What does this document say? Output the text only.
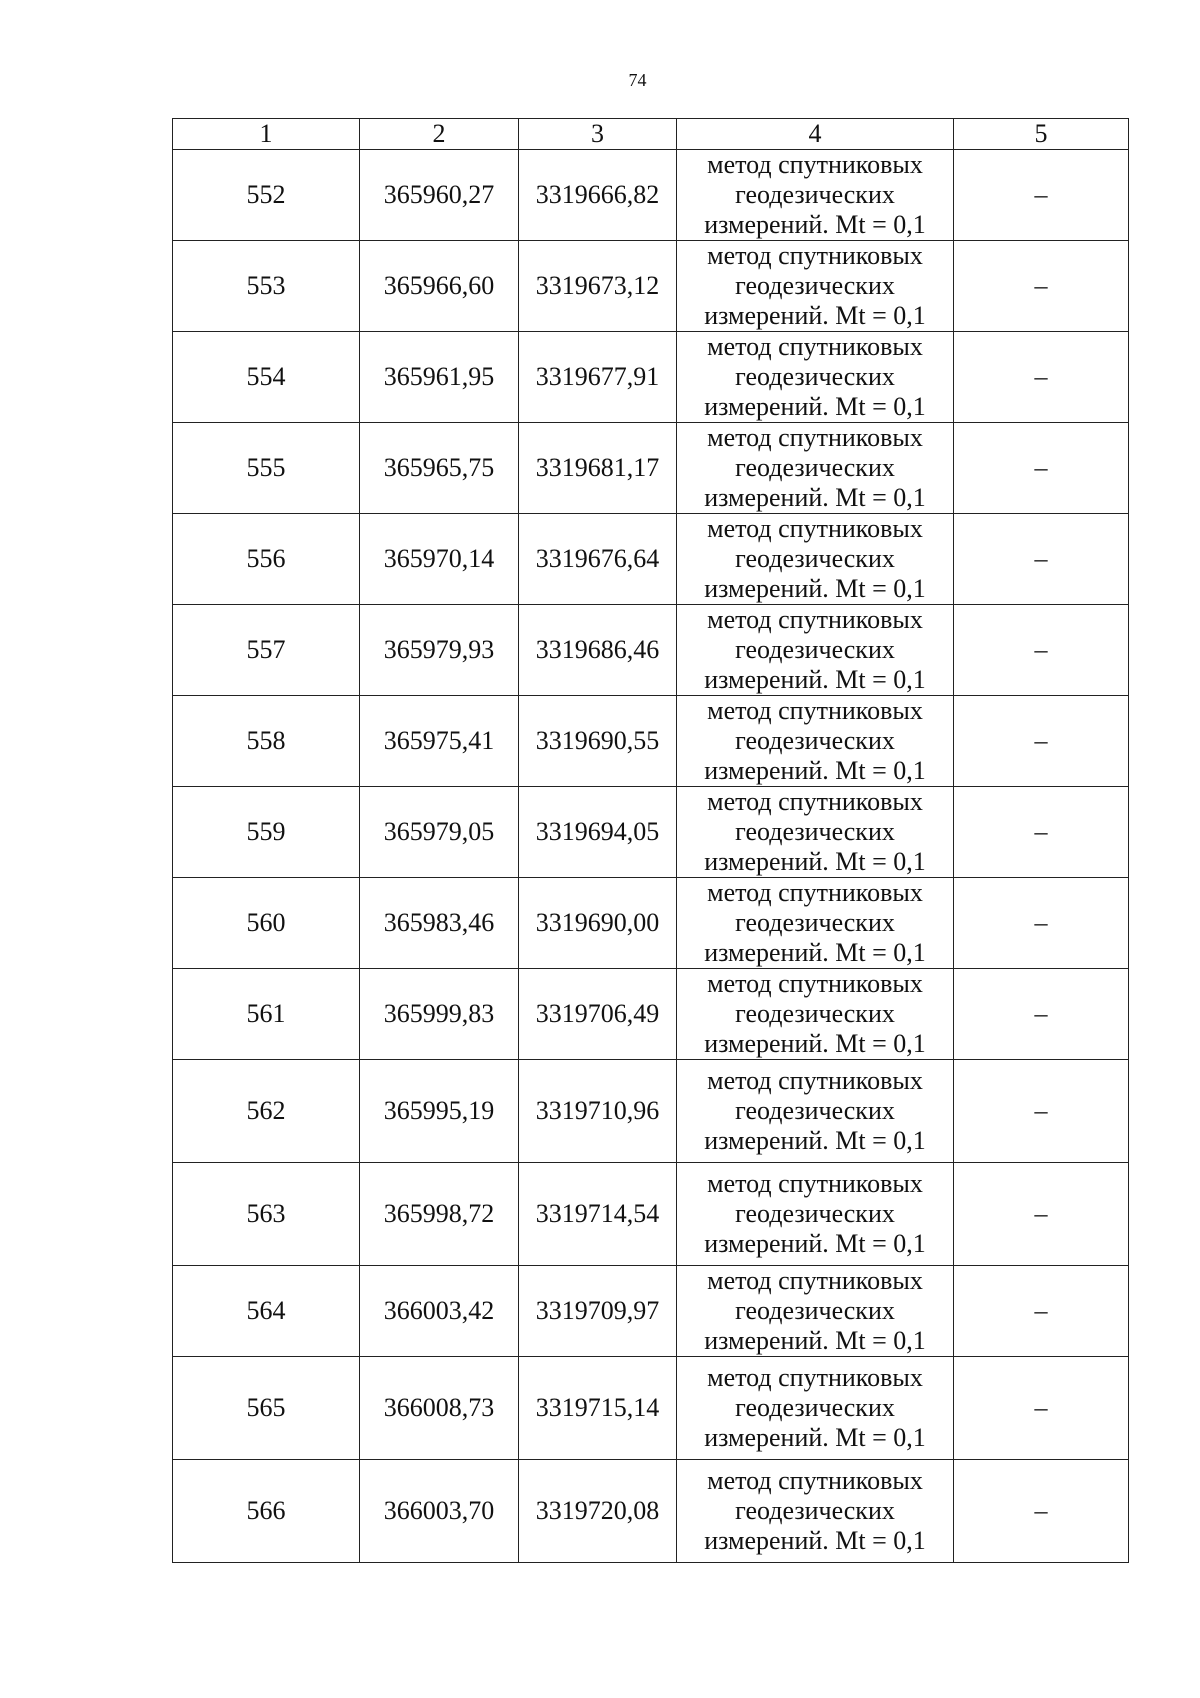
74
1	2	3	4	5
552	365960,27	3319666,82	метод спутниковых
геодезических
измерений. Mt = 0,1	–
553	365966,60	3319673,12	метод спутниковых
геодезических
измерений. Mt = 0,1	–
554	365961,95	3319677,91	метод спутниковых
геодезических
измерений. Mt = 0,1	–
555	365965,75	3319681,17	метод спутниковых
геодезических
измерений. Mt = 0,1	–
556	365970,14	3319676,64	метод спутниковых
геодезических
измерений. Mt = 0,1	–
557	365979,93	3319686,46	метод спутниковых
геодезических
измерений. Mt = 0,1	–
558	365975,41	3319690,55	метод спутниковых
геодезических
измерений. Mt = 0,1	–
559	365979,05	3319694,05	метод спутниковых
геодезических
измерений. Mt = 0,1	–
560	365983,46	3319690,00	метод спутниковых
геодезических
измерений. Mt = 0,1	–
561	365999,83	3319706,49	метод спутниковых
геодезических
измерений. Mt = 0,1	–
562	365995,19	3319710,96	метод спутниковых
геодезических
измерений. Mt = 0,1	–
563	365998,72	3319714,54	метод спутниковых
геодезических
измерений. Mt = 0,1	–
564	366003,42	3319709,97	метод спутниковых
геодезических
измерений. Mt = 0,1	–
565	366008,73	3319715,14	метод спутниковых
геодезических
измерений. Mt = 0,1	–
566	366003,70	3319720,08	метод спутниковых
геодезических
измерений. Mt = 0,1	–
